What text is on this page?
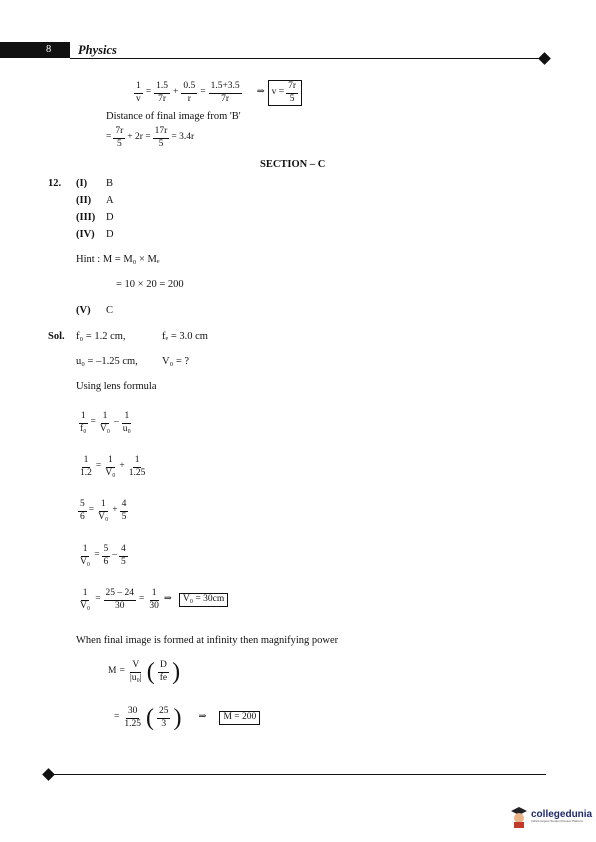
8 Physics
$\frac{1}{v} = \frac{1.5}{7r} + \frac{0.5}{r} = \frac{1.5+3.5}{7r}$ ⇒ $v = \frac{7r}{5}$
Distance of final image from 'B'
= $\frac{7r}{5} + 2r = \frac{17r}{5} = 3.4r$
SECTION – C
12. (I) B
(II) A
(III) D
(IV) D
Hint : M = M₀ × Mₑ
= 10 × 20 = 200
(V) C
Sol. f₀ = 1.2 cm,	fₑ = 3.0 cm
u₀ = –1.25 cm, V₀ = ?
Using lens formula
$\frac{1}{\text{f₀}} = \frac{1}{\text{V₀}} - \frac{1}{\text{u₀}}$
$\frac{1}{1.2} = \frac{1}{\text{V₀}} + \frac{1}{1.25}$
$\frac{5}{6} = \frac{1}{\text{V₀}} + \frac{4}{5}$
$\frac{1}{\text{V₀}} = \frac{5}{6} - \frac{4}{5}$
$\frac{1}{\text{V₀}} = \frac{25 - 24}{30} = \frac{1}{30}$ ⇒	V₀ = 30cm
When final image is formed at infinity then magnifying power
$M = \frac{V}{\text{|u₀|}}$ ( $\frac{D}{fe}$ )
= $\frac{30}{1.25}$ ( $\frac{25}{3}$ ) ⇒	M = 200
collegedunia
India's largest Student Review Platform
